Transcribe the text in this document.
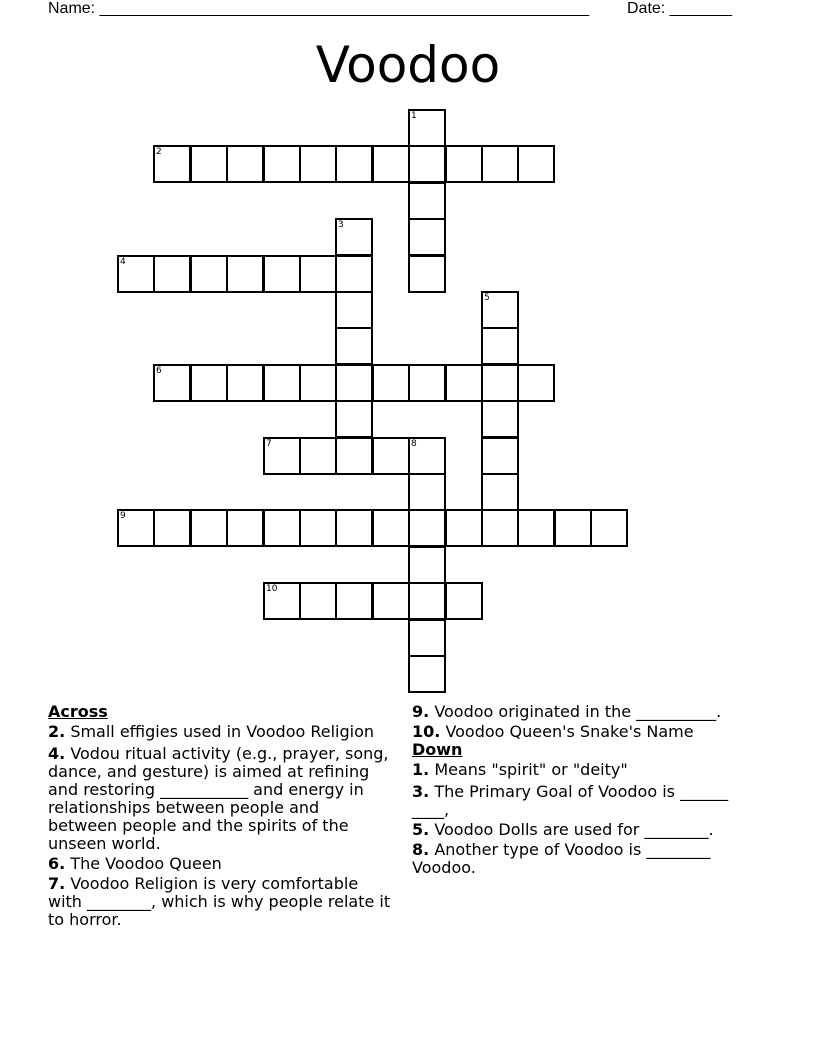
Name: _______________________________________________________ Date: _______
Voodoo
2
4
6
7	8
9
10
1
3
5
Across
2. Small effigies used in Voodoo Religion
4. Vodou ritual activity (e.g., prayer, song, dance, and gesture) is aimed at refining and restoring ___________ and energy in relationships between people and between people and the spirits of the unseen world.
6. The Voodoo Queen
7. Voodoo Religion is very comfortable with ________, which is why people relate it to horror.
9. Voodoo originated in the __________.
10. Voodoo Queen's Snake's Name
Down
1. Means "spirit" or "deity"
3. The Primary Goal of Voodoo is ______ ____,
5. Voodoo Dolls are used for ________.
8. Another type of Voodoo is ________ Voodoo.
